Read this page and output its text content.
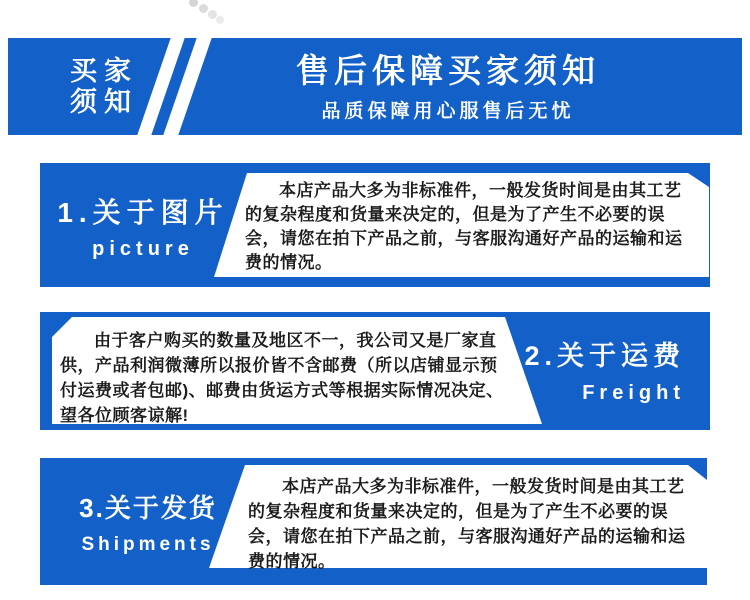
买家
须知
售后保障买家须知
品质保障用心服售后无忧
1.关于图片
picture

本店产品大多为非标准件，一般发货时间是由其工艺的复杂程度和货量来决定的，但是为了产生不必要的误会，请您在拍下产品之前，与客服沟通好产品的运输和运费的情况。

2.关于运费
Freight

由于客户购买的数量及地区不一，我公司又是厂家直供，产品利润微薄所以报价皆不含邮费（所以店铺显示预付运费或者包邮)、邮费由货运方式等根据实际情况决定、望各位顾客谅解!

3.关于发货
Shipments

本店产品大多为非标准件，一般发货时间是由其工艺的复杂程度和货量来决定的，但是为了产生不必要的误会，请您在拍下产品之前，与客服沟通好产品的运输和运费的情况。
